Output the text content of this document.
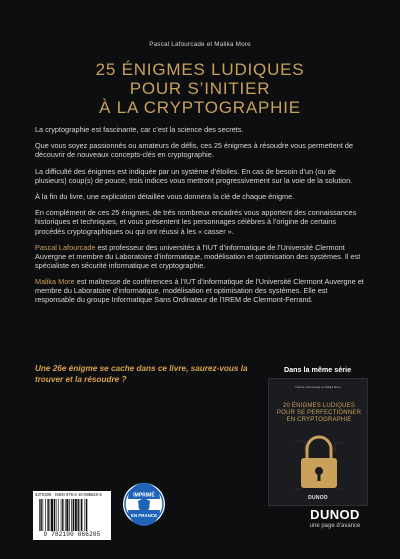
Pascal Lafourcade et Malika More
25 ÉNIGMES LUDIQUES
POUR S’INITIER
À LA CRYPTOGRAPHIE

La cryptographie est fascinante, car c’est la science des secrets.

Que vous soyez passionnés ou amateurs de défis, ces 25 énigmes à résoudre vous permettent de découvrir de nouveaux concepts-clés en cryptographie.

La difficulté des énigmes est indiquée par un système d’étoiles. En cas de besoin d’un (ou de plusieurs) coup(s) de pouce, trois indices vous mettront progressivement sur la voie de la solution.

À la fin du livre, une explication détaillée vous donnera la clé de chaque énigme.

En complément de ces 25 énigmes, de très nombreux encadrés vous apportent des connaissances historiques et techniques, et vous présentent les personnages célèbres à l’origine de certains procédés cryptographiques ou qui ont réussi à les « casser ».

Pascal Lafourcade est professeur des universités à l’IUT d’informatique de l’Université Clermont Auvergne et membre du Laboratoire d’informatique, modélisation et optimisation des systèmes. Il est spécialiste en sécurité informatique et cryptographie.

Malika More est maîtresse de conférences à l’IUT d’informatique de l’Université Clermont Auvergne et membre du Laboratoire d’informatique, modélisation et optimisation des systèmes. Elle est responsable du groupe Informatique Sans Ordinateur de l’IREM de Clermont-Ferrand.

Une 26e énigme se cache dans ce livre, saurez-vous la trouver et la résoudre ?
Dans la même série
Pascal Lafourcade et Malika More
20 ÉNIGMES LUDIQUES POUR SE PERFECTIONNER EN CRYPTOGRAPHIE
DUNOD
5370409 · ISBN 978-2-10-086620-5
9 782100 866205
IMPRIMÉ
EN FRANCE	DUNOD
une page d’avance
